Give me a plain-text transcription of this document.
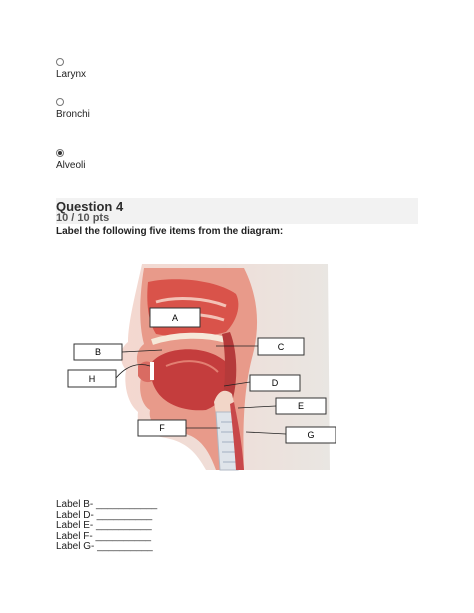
Larynx
Bronchi
Alveoli
Question 4
10 / 10 pts
Label the following five items from the diagram:
A
B	C
D
E
F
G
H
Label B- ___________
Label D- __________
Label E- __________
Label F- __________
Label G- __________
